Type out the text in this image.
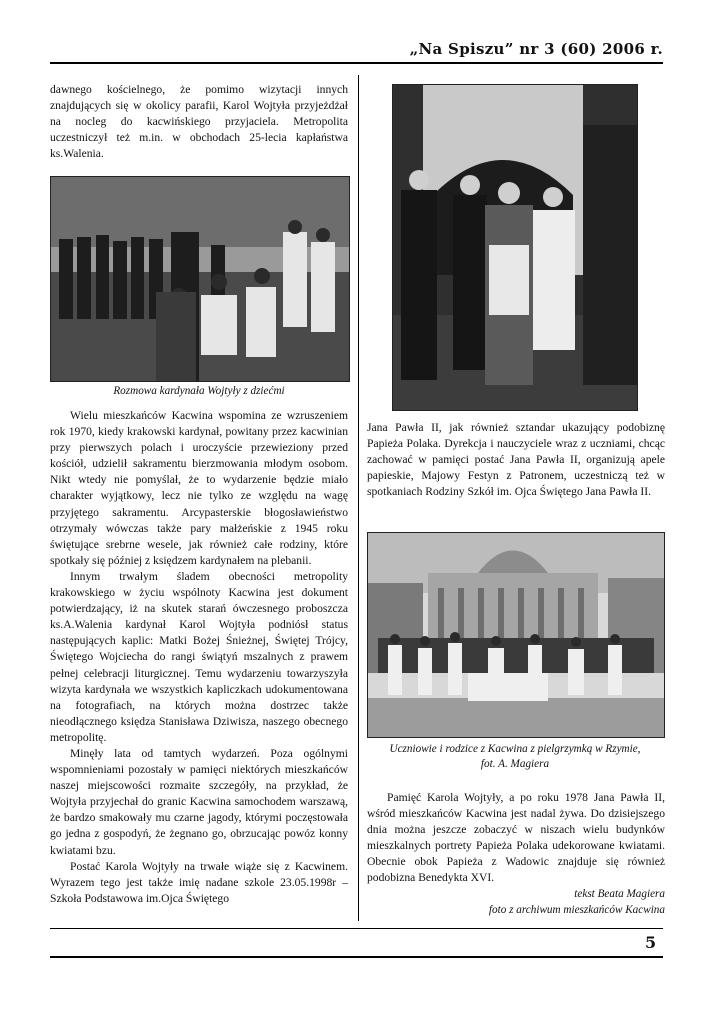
„Na Spiszu” nr 3 (60) 2006 r.

dawnego kościelnego, że pomimo wizytacji innych znajdujących się w okolicy parafii, Karol Wojtyła przyjeżdżał na nocleg do kacwińskiego przyjaciela. Metropolita uczestniczył też m.in. w obchodach 25-lecia kapłaństwa ks.Walenia.

Rozmowa kardynała Wojtyły z dziećmi

Wielu mieszkańców Kacwina wspomina ze wzruszeniem rok 1970, kiedy krakowski kardynał, powitany przez kacwinian przy pierwszych polach i uroczyście przewieziony przed kościół, udzielił sakramentu bierzmowania młodym osobom. Nikt wtedy nie pomyślał, że to wydarzenie będzie miało charakter wyjątkowy, lecz nie tylko ze względu na wagę przyjętego sakramentu. Arcypasterskie błogosławieństwo otrzymały wówczas także pary małżeńskie z 1945 roku świętujące srebrne wesele, jak również całe rodziny, które spotkały się później z księdzem kardynałem na plebanii.

Innym trwałym śladem obecności metropolity krakowskiego w życiu wspólnoty Kacwina jest dokument potwierdzający, iż na skutek starań ówczesnego proboszcza ks.A.Walenia kardynał Karol Wojtyła podniósł status następujących kaplic: Matki Bożej Śnieżnej, Świętej Trójcy, Świętego Wojciecha do rangi świątyń mszalnych z prawem pełnej celebracji liturgicznej. Temu wydarzeniu towarzyszyła wizyta kardynała we wszystkich kapliczkach udokumentowana na fotografiach, na których można dostrzec także nieodłącznego księdza Stanisława Dziwisza, naszego obecnego metropolitę.

Minęły lata od tamtych wydarzeń. Poza ogólnymi wspomnieniami pozostały w pamięci niektórych mieszkańców naszej miejscowości rozmaite szczegóły, na przykład, że Wojtyła przyjechał do granic Kacwina samochodem warszawą, że bardzo smakowały mu czarne jagody, którymi poczęstowała go jedna z gospodyń, że żegnano go, obrzucając powóz konny kwiatami bzu.

Postać Karola Wojtyły na trwałe wiąże się z Kacwinem. Wyrazem tego jest także imię nadane szkole 23.05.1998r – Szkoła Podstawowa im.Ojca Świętego

Jana Pawła II, jak również sztandar ukazujący podobiznę Papieża Polaka. Dyrekcja i nauczyciele wraz z uczniami, chcąc zachować w pamięci postać Jana Pawła II, organizują apele papieskie, Majowy Festyn z Patronem, uczestniczą też w spotkaniach Rodziny Szkół im. Ojca Świętego Jana Pawła II.

Uczniowie i rodzice z Kacwina z pielgrzymką w Rzymie,
fot. A. Magiera

Pamięć Karola Wojtyły, a po roku 1978 Jana Pawła II, wśród mieszkańców Kacwina jest nadal żywa. Do dzisiejszego dnia można jeszcze zobaczyć w niszach wielu budynków mieszkalnych portrety Papieża Polaka udekorowane kwiatami. Obecnie obok Papieża z Wadowic znajduje się również podobizna Benedykta XVI.

tekst Beata Magiera
foto z archiwum mieszkańców Kacwina
5
